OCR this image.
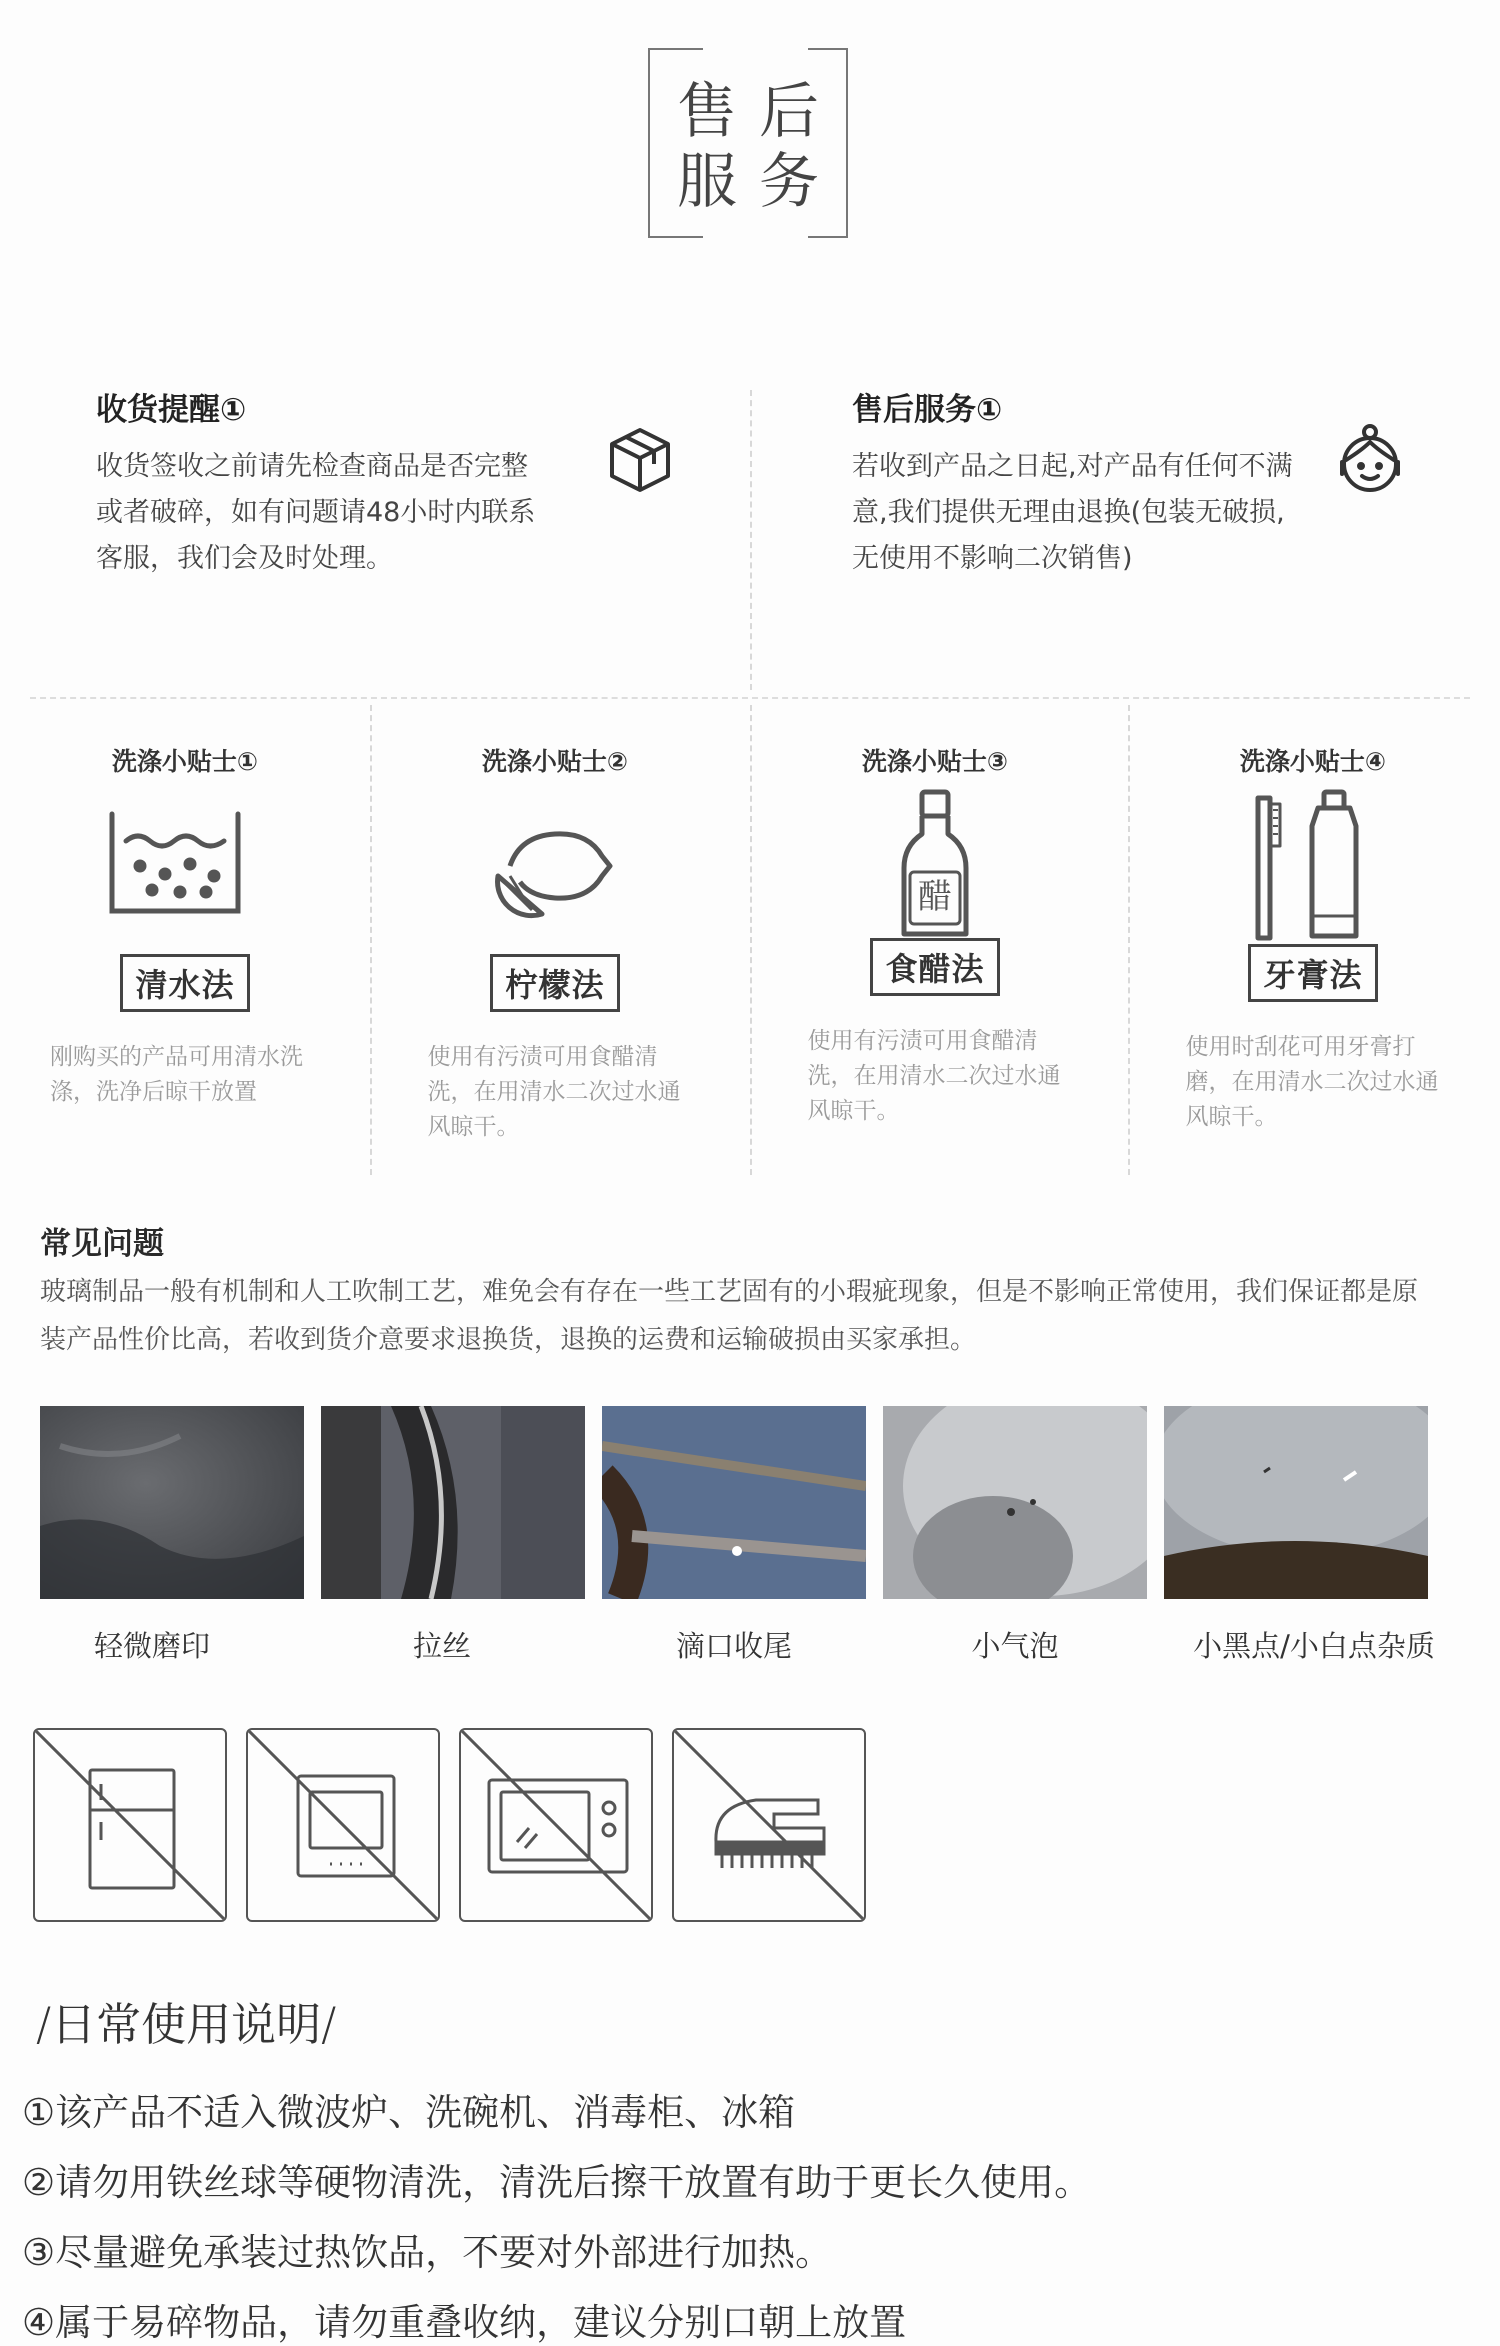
售后
服务
收货提醒①
收货签收之前请先检查商品是否完整或者破碎，如有问题请48小时内联系客服，我们会及时处理。
售后服务①
若收到产品之日起,对产品有任何不满意,我们提供无理由退换(包装无破损,无使用不影响二次销售)
洗涤小贴士①
清水法
刚购买的产品可用清水洗涤，洗净后晾干放置
洗涤小贴士②
柠檬法
使用有污渍可用食醋清洗，在用清水二次过水通风晾干。
洗涤小贴士③
醋
食醋法
使用有污渍可用食醋清洗，在用清水二次过水通风晾干。
洗涤小贴士④
牙膏法
使用时刮花可用牙膏打磨，在用清水二次过水通风晾干。
常见问题
玻璃制品一般有机制和人工吹制工艺，难免会有存在一些工艺固有的小瑕疵现象，但是不影响正常使用，我们保证都是原装产品性价比高，若收到货介意要求退换货，退换的运费和运输破损由买家承担。
轻微磨印	拉丝	滴口收尾	小气泡	小黑点/小白点杂质
/日常使用说明/
①该产品不适入微波炉、洗碗机、消毒柜、冰箱
②请勿用铁丝球等硬物清洗，清洗后擦干放置有助于更长久使用。
③尽量避免承装过热饮品，不要对外部进行加热。
④属于易碎物品，请勿重叠收纳，建议分别口朝上放置
